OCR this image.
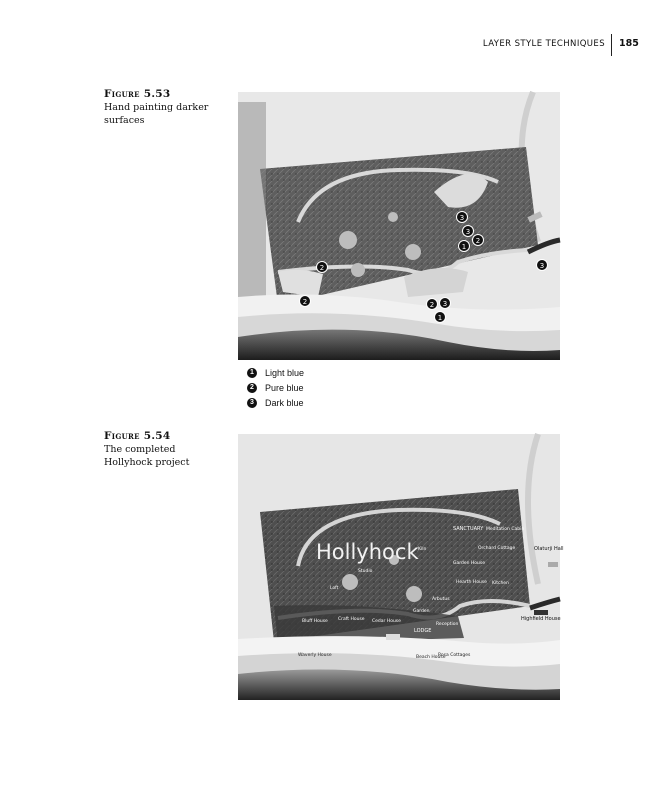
LAYER STYLE TECHNIQUES 185
Figure 5.53
Hand painting darker surfaces
3
3
1
2
2
2
3
2 3
1
1	Light blue
2	Pure blue
3	Dark blue
Figure 5.54
The completed Hollyhock project
Hollyhock
SANCTUARY Meditation Cabin
Orchard Cottage
Garden House
Hearth House Kitchen
Arbutus
Garden
Studio
Loft
Craft House
Bluff House	Cedar House
LODGE
Reception
Kiln
Waverly House	Beach House
Rosa Cottages
Olaturji Hall
Highfield House
